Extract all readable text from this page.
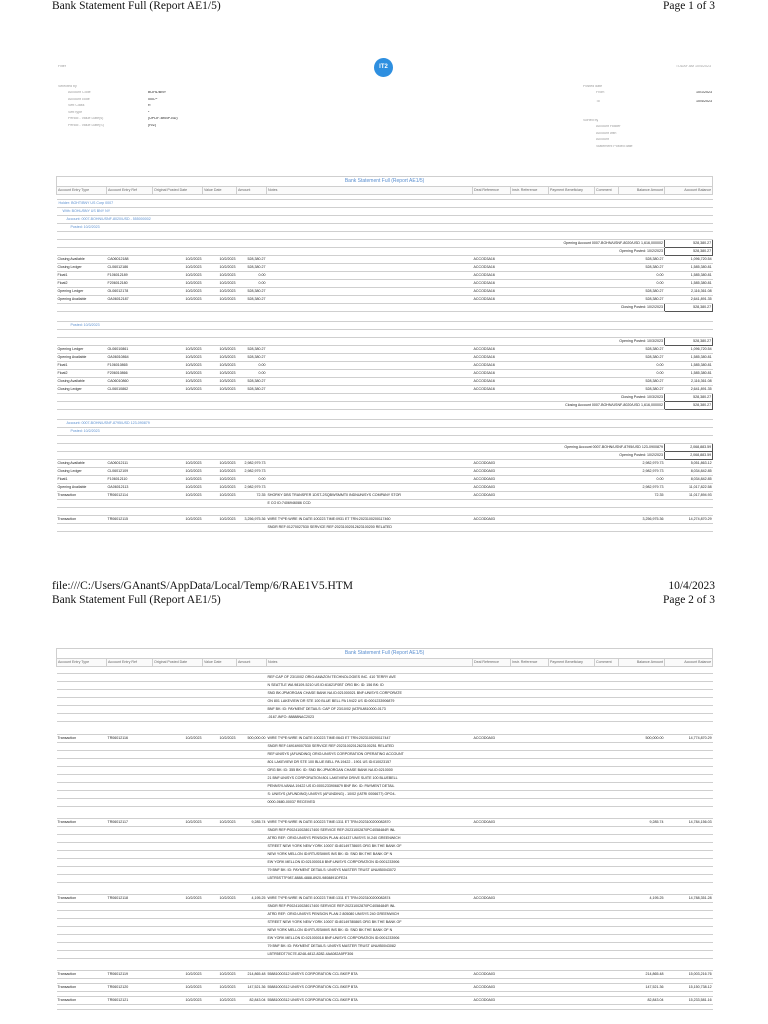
Bank Statement Full (Report AE1/5)	Page 1 of 3
Filter	IT2	TODAY AM 10/4/2023
Selected by
Account Code	BOHL/BNY
Account code	0007*
Sett Class	R
Sett type	*
Period - Value Date(s)	(UPLIF-BKBP-BD)
Period - Value Date(S)	(R/Z)
Posted date
From	10/1/2023
To	10/4/2023
Sorted by
Account Holder
Account with
Account
Statement Posted date
Bank Statement Full (Report AE1/5)											
Account Entry Type	Account Entry Ref	Original Posted Date	Value Date	Amount	Notes	Deal Reference	Instr. Reference	Payment Beneficiary	Comment	Balance Amount	Account Balance

Holder: BOHT/BNY US Corp 0007											
With: BOHL/BNY US BNY NY											
Account: 0007-BOHN/USNF-8020/USD - 555000002											
Posted: 10/2/2023											

Opening Account 0007-BOHN/USNF-8020/USD 1,616,000002											528,380.27
Opening Posted: 10/2/2023											528,380.27
Closing Available	CA06012188	10/2/2023	10/2/2023	528,380.27		ACCOD3A16				528,380.27	1,096,720.54
Closing Ledger	CL06012186	10/2/2023	10/2/2023	528,380.27		ACCOD3A16				528,380.27	1,585,380.81
Float1	F106012189	10/2/2023	10/2/2023	0.00		ACCOD3A16				0.00	1,585,380.81
Float2	F206012180	10/2/2023	10/2/2023	0.00		ACCOD3A16				0.00	1,585,380.81
Opening Ledger	OL06012178	10/2/2023	10/2/2023	528,380.27		ACCOD3A16				528,380.27	2,116,361.08
Opening Available	OA06012187	10/2/2023	10/2/2023	528,380.27		ACCOD3A16				528,380.27	2,641,891.35
Closing Posted: 10/2/2023											528,380.27

Posted: 10/3/2023											

Opening Posted: 10/3/2023											528,380.27
Opening Ledger	OL06010861	10/3/2023	10/3/2023	528,380.27		ACCOD3A16				528,380.27	1,096,720.54
Opening Available	OA06010864	10/3/2023	10/3/2023	528,380.27		ACCOD3A16				528,380.27	1,585,380.81
Float1	F106010865	10/3/2023	10/3/2023	0.00		ACCOD3A16				0.00	1,585,380.81
Float2	F206010866	10/3/2023	10/3/2023	0.00		ACCOD3A16				0.00	1,585,380.81
Closing Available	CA06010860	10/3/2023	10/3/2023	528,380.27		ACCOD3A16				528,380.27	2,116,361.08
Closing Ledger	CL06010862	10/3/2023	10/3/2023	528,380.27		ACCOD3A16				528,380.27	2,641,891.35
Closing Posted: 10/3/2023											528,380.27
Closing Account 0007-BOHN/USNF-8020/USD 1,616,000002											528,380.27

Account: 0007-BOHN/USNF-8795/USD 123-090879											
Posted: 10/2/2023											

Opening Account 0007-BOHN/USNF-8795/USD 123-0900879											2,068,883.59
Opening Posted: 10/2/2023											2,068,883.59
Closing Available	CA06012111	10/2/2023	10/2/2023	2,982,979.73		ACCOD0A03				2,982,979.73	5,051,863.12
Closing Ledger	CL06012109	10/2/2023	10/2/2023	2,982,979.73		ACCOD0A03				2,982,979.73	8,034,842.85
Float1	F106012110	10/2/2023	10/2/2023	0.00		ACCOD0A03				0.00	8,034,842.85
Opening Available	OA06012113	10/2/2023	10/2/2023	2,982,979.73		ACCOD0A03				2,982,979.73	11,017,822.58
Transaction	TR06012114	10/2/2023	10/2/2023	72.35	SHORKY DBS TRANSFER 1DST-2SQBWSMMT0 INDNUNISYS COMPANY STOR	ACCOD0A03				72.35	11,017,894.93
					E CO ID:7406946086 CCD						

Transaction	TR06012115	10/2/2023	10/2/2023	3,256,975.36	WIRE TYPE:WIRE IN DATE:100223 TIME:0931 ET TRN:2023100200117460	ACCOD0A03				3,256,975.36	14,274,870.29
					SNDR REF:01270027530 SERVICE REF:20231002012623100200 RELATED						
file:///C:/Users/GAnantS/AppData/Local/Temp/6/RAE1V5.HTM	10/4/2023
Bank Statement Full (Report AE1/5)	Page 2 of 3
Bank Statement Full (Report AE1/5)											
Account Entry Type	Account Entry Ref	Original Posted Date	Value Date	Amount	Notes	Deal Reference	Instr. Reference	Payment Beneficiary	Comment	Balance Amount	Account Balance

					REF:CAP OF 23/10/02 ORIG:AMAZON TECHNOLOGIES INC. 410 TERRY AVE						
					N SEATTLE WA 98109-5210 US ID:61621F0BT ORG BK: ID: 156 BK: ID						
					SND BK:JPMORGAN CHASE BANK NA ID:021000021 BNF:UNISYS CORPORATE						
					ON 801 LAKEVIEW DR STE 100 BLUE BELL PA 19422 US ID:0001233906879						
					BNF BK: ID: PAYMENT DETAILS: CAP OF 23/10/02 (IATRUI810000-0173						
					-0167-INFO: 88888NAC2023						

Transaction	TR06012116	10/2/2023	10/2/2023	500,000.00	WIRE TYPE:WIRE IN DATE:100223 TIME:0643 ET TRN:2023100200117447	ACCOD0A03				500,000.00	14,774,870.29
					SNDR REF:169169007530 SERVICE REF:20231002012623100251 RELATED						
					REF:UNISYS (AFUNDING) ORIG:UNISYS CORPORATION OPERATING ACCOUNT						
					801 LAKEVIEW DR STE 100 BLUE BELL PA 19422 - 1901 US ID:010023157						
					ORG BK: ID: 355 BK: ID: SND BK:JPMORGAN CHASE BANK NA ID:0210000						
					21 BNF:UNISYS CORPORATION 801 LAKEVIEW DRIVE SUITE 100 BLUEBELL						
					PENNSYLVANIA 19422 US ID:0001233906879 BNF BK: ID: PAYMENT DETAIL						
					S: UNISYS (AFUNDING) UNISYS (AFUNDING) - 10/02 (IATRI 0006677) OPO4-						
					0000-0680-00037 RECEIVED						

Transaction	TR06012117	10/2/2023	10/2/2023	9,285.74	WIRE TYPE:WIRE IN DATE:100223 TIME:1311 ET TRN:2023100200082870	ACCOD0A03				9,285.74	14,784,156.03
					SNDR REF:P002410028017400 SERVICE REF:20231002870PC4058484R INL						
					ATRD REF: ORIG:UNISYS PENSION PLAN 401437 UNISYS IV-240 GREENWICH						
					STREET NEW YORK NEW YORK 10007 ID:8014977860S ORG BK:THE BANK OF						
					NEW YORK MELLON ID:IRTUSSMMS INS BK: ID: SND BK:THE BANK OF N						
					EW YORK MELLON ID:021000018 BNF:UNISYS CORPORATION ID:0001233906						
					79 BNF BK: ID: PAYMENT DETAILS: UNISYS MASTER TRUST UNUIB0043072						
					LBTR5ST7F987-8888-4888-8920-9808891DFE24						

Transaction	TR06012118	10/2/2023	10/2/2023	4,195.25	WIRE TYPE:WIRE IN DATE:100223 TIME:1311 ET TRN:2023100200082874	ACCOD0A03				4,195.25	14,788,351.28
					SNDR REF:P002410028017400 SERVICE REF:20231002870PC4058484R INL						
					ATRD REF: ORIG:UNISYS PENSION PLAN 2 805080 UNISYS 240 GREENWICH						
					STREET NEW YORK NEW YORK 10007 ID:8014978086S ORG BK:THE BANK OF						
					NEW YORK MELLON ID:IRTUSSMMS INS BK: ID: SND BK:THE BANK OF N						
					EW YORK MELLON ID:021000018 BNF:UNISYS CORPORATION ID:0001233906						
					79 BNF BK: ID: PAYMENT DETAILS: UNISYS MASTER TRUST UNUIB0043082						
					LBTR5EDT70C7E-8248-4812-8282-4AA082A5FF306						

Transaction	TR06012119	10/2/2023	10/2/2023	214,865.48	55881000312 UNISYS CORPORATION CCL BKEP BTA	ACCOD0A03				214,865.48	15,003,216.76

Transaction	TR06012120	10/2/2023	10/2/2023	147,521.36	55881000312 UNISYS CORPORATION CCL BKEP BTA	ACCOD0A03				147,521.36	15,150,738.12

Transaction	TR06012121	10/2/2023	10/2/2023	82,843.04	55881000312 UNISYS CORPORATION CCL BKEP BTA	ACCOD0A03				82,843.04	15,233,581.16
